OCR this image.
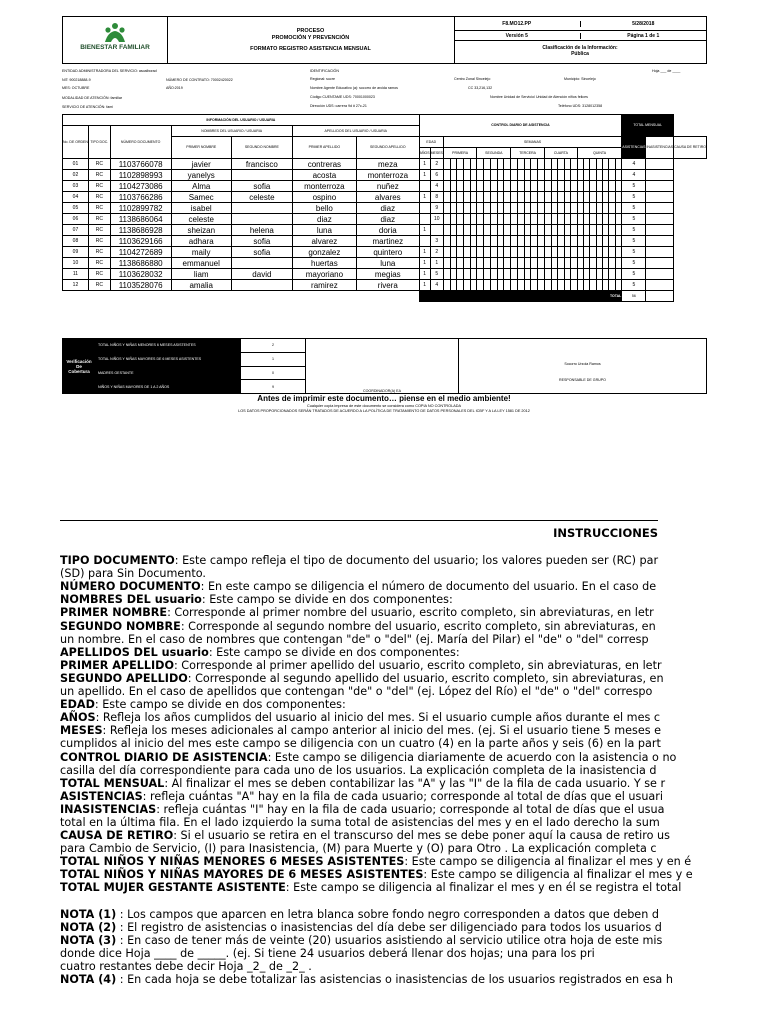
BIENESTAR FAMILIAR
PROCESO
PROMOCIÓN Y PREVENCIÓN
FORMATO REGISTRO ASISTENCIA MENSUAL
F8.MO12.PP	5/28/2018
Versión 5	Página 1 de 1
Clasificación de la Información:
Pública
ENTIDAD ADMINISTRADORA DEL SERVICIO: asoalborad
NIT: 900218888-9	NÚMERO DE CONTRATO: 70002420022
MES: OCTUBRE	AÑO:2019
MODALIDAD DE ATENCIÓN: familiar
SERVICIO DE ATENCIÓN: fami
IDENTIFICACIÓN
Regional: sucre
Nombre Agente Educativo (a): socorro de arcida ramos
Código CUENTAME UDS: 70001000023
Dirección UDS: carrera 9d # 27c-21
Centro Zonal Sincelejo	Municipio: Sincelejo
CC 33,216,132
Nombre Unidad de Servicio/ Unidad de Atención niños felices
Teléfono UDS: 3128012358
Hoja ___ de ____
INFORMACIÓN DEL USUARIO / USUARIA							CONTROL DIARIO DE ASISTENCIA																													TOTAL MENSUAL		
No. DE ORDEN	TIPO DOC.	NÚMERO DOCUMENTO	NOMBRES DEL USUARIO / USUARIA		APELLIDOS DEL USUARIO / USUARIA																																	
			PRIMER NOMBRE	SEGUNDO NOMBRE	PRIMER APELLIDO	SEGUNDO APELLIDO	EDAD		SEMANAS																											ASISTENCIAS	INASISTENCIAS	CAUSA DE RETIRO
							AÑOS	MESES	PRIMERA					SEGUNDA					TERCERA					CUARTA					QUINTA									
01	RC	1103766078	javier	francisco	contreras	meza	1	2																												4		
02	RC	1102898993	yanelys		acosta	monterroza	1	6																												4		
03	RC	1104273086	Alma	sofia	monterroza	nuñez		4																												5		
04	RC	1103766286	Samec	celeste	ospino	alvares	1	8																												5		
05	RC	1102899782	isabel		bello	diaz		9																												5		
06	RC	1138686064	celeste		diaz	diaz		10																												5		
07	RC	1138686928	sheizan	helena	luna	doria	1																													5		
08	RC	1103629166	adhara	sofia	alvarez	martinez		3																												5		
09	RC	1104272689	maily	sofia	gonzalez	quintero	1	2																												5		
10	RC	1138686880	emmanuel		huertas	luna	1	1																												5		
11	RC	1103628032	liam	david	mayoriano	megias	1	5																												5		
12	RC	1103528076	amalia		ramirez	rivera	1	4																												5		
							TOTAL																													56		
Verificación De Cobertura	TOTAL NIÑOS Y NIÑAS MENORES 6 MESES ASISTENTES	2	COORDINADOR(A) EA	Socorro Urzola Ramos
RESPONSABLE DE GRUPO

	TOTAL NIÑOS Y NIÑAS MAYORES DE 6 MESES ASISTENTES	1		
	MADRES GESTANTE	0		
	NIÑOS Y NIÑAS MAYORES DE 1 A 2 AÑOS	9		
Antes de imprimir este documento… piense en el medio ambiente!
Cualquier copia impresa de este documento se considera como COPIA NO CONTROLADA
LOS DATOS PROPORCIONADOS SERÁN TRATADOS DE ACUERDO A LA POLÍTICA DE TRATAMIENTO DE DATOS PERSONALES DEL ICBF Y A LA LEY 1581 DE 2012
INSTRUCCIONES

TIPO DOCUMENTO: Este campo refleja el tipo de documento del usuario; los valores pueden ser (RC) par

(SD) para Sin Documento.

NÚMERO DOCUMENTO: En este campo se diligencia el número de documento del usuario. En el caso de

NOMBRES DEL usuario: Este campo se divide en dos componentes:

PRIMER NOMBRE: Corresponde al primer nombre del usuario, escrito completo, sin abreviaturas, en letr

SEGUNDO NOMBRE: Corresponde al segundo nombre del usuario, escrito completo, sin abreviaturas, en

un nombre. En el caso de nombres que contengan "de" o "del" (ej. María del Pilar) el "de" o "del" corresp

APELLIDOS DEL usuario: Este campo se divide en dos componentes:

PRIMER APELLIDO: Corresponde al primer apellido del usuario, escrito completo, sin abreviaturas, en letr

SEGUNDO APELLIDO: Corresponde al segundo apellido del usuario, escrito completo, sin abreviaturas, en

un apellido. En el caso de apellidos que contengan "de" o "del" (ej. López del Río) el "de" o "del" correspo

EDAD: Este campo se divide en dos componentes:

AÑOS: Refleja los años cumplidos del usuario al inicio del mes. Si el usuario cumple años durante el mes c

MESES: Refleja los meses adicionales al campo anterior al inicio del mes. (ej. Si el usuario tiene 5 meses e

cumplidos al inicio del mes este campo se diligencia con un cuatro (4) en la parte años y seis (6) en la part

CONTROL DIARIO DE ASISTENCIA: Este campo se diligencia diariamente de acuerdo con la asistencia o no

casilla del día correspondiente para cada uno de los usuarios. La explicación completa de la inasistencia d

TOTAL MENSUAL: Al finalizar el mes se deben contabilizar las "A" y las "I" de la fila de cada usuario. Y se r

ASISTENCIAS: refleja cuántas "A" hay en la fila de cada usuario; corresponde al total de días que el usuari

INASISTENCIAS: refleja cuántas "I" hay en la fila de cada usuario; corresponde al total de días que el usua

total en la última fila. En el lado izquierdo la suma total de asistencias del mes y en el lado derecho la sum

CAUSA DE RETIRO: Si el usuario se retira en el transcurso del mes se debe poner aquí la causa de retiro us

para Cambio de Servicio, (I) para Inasistencia, (M) para Muerte y (O) para Otro . La explicación completa c

TOTAL NIÑOS Y NIÑAS MENORES 6 MESES ASISTENTES: Este campo se diligencia al finalizar el mes y en é

TOTAL NIÑOS Y NIÑAS MAYORES DE 6 MESES ASISTENTES: Este campo se diligencia al finalizar el mes y e

TOTAL MUJER GESTANTE ASISTENTE: Este campo se diligencia al finalizar el mes y en él se registra el total

NOTA (1) : Los campos que aparcen en letra blanca sobre fondo negro corresponden a datos que deben d

NOTA (2) : El registro de asistencias o inasistencias del día debe ser diligenciado para todos los usuarios d

NOTA (3) : En caso de tener más de veinte (20) usuarios asistiendo al servicio utilice otra hoja de este mis

donde dice Hoja ____ de _____. (ej. Si tiene 24 usuarios deberá llenar dos hojas; una para los pri

cuatro restantes debe decir Hoja _2_ de _2_ .

NOTA (4) : En cada hoja se debe totalizar las asistencias o inasistencias de los usuarios registrados en esa h
